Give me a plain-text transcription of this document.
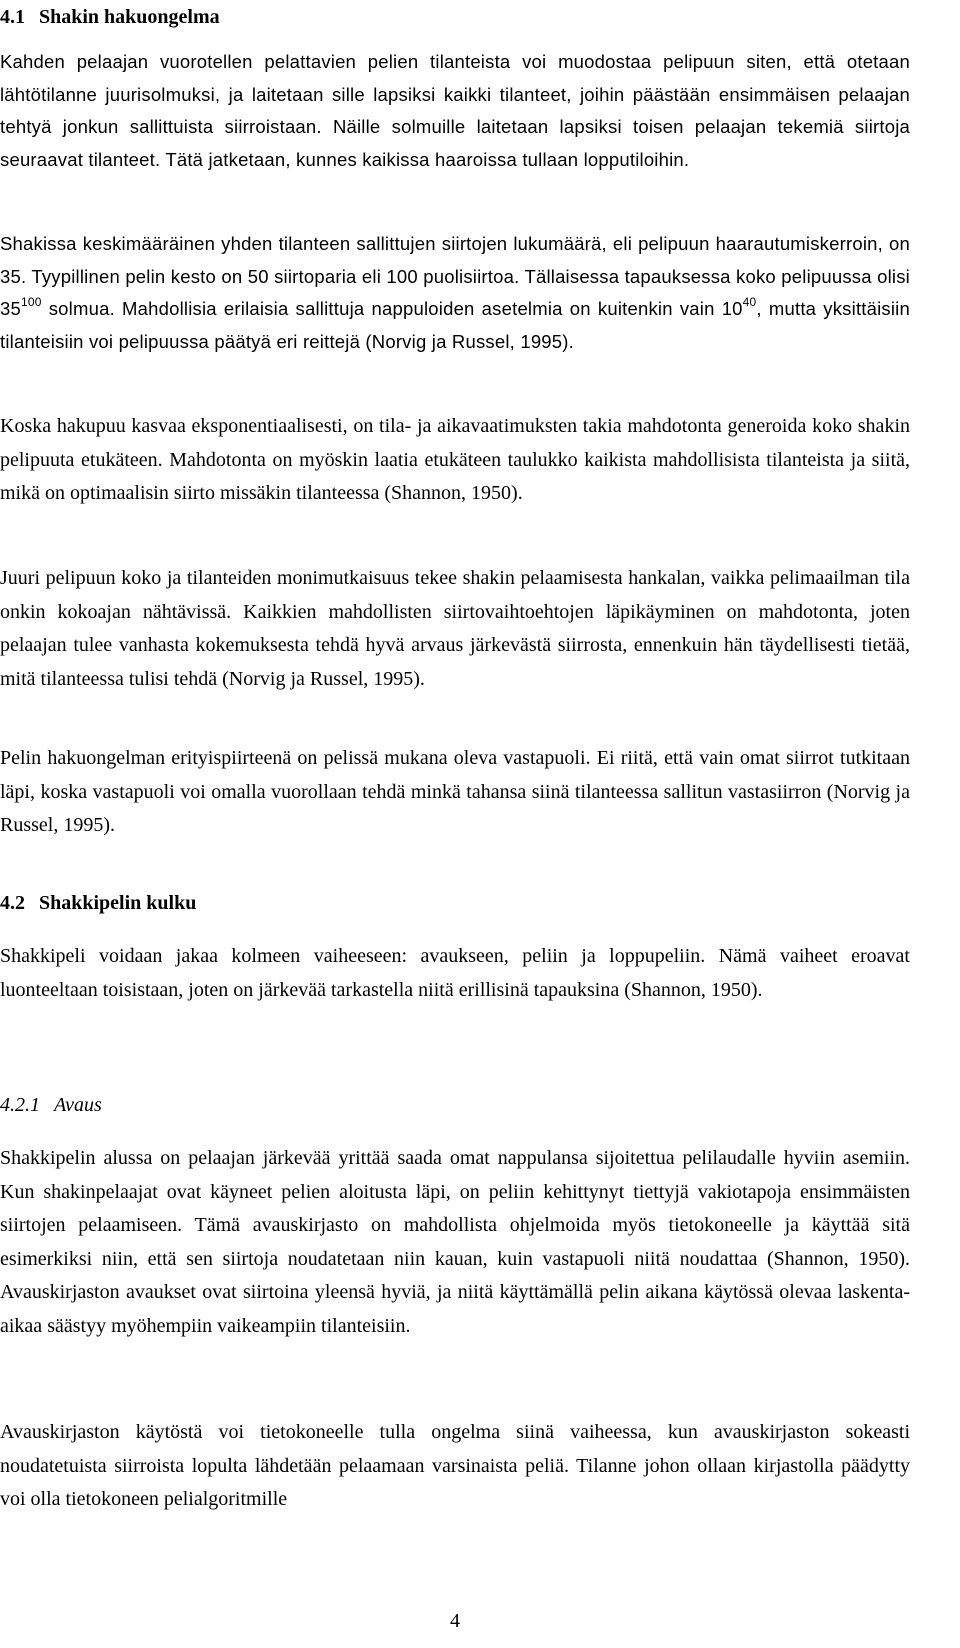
4.1 Shakin hakuongelma

Kahden pelaajan vuorotellen pelattavien pelien tilanteista voi muodostaa pelipuun siten, että otetaan lähtötilanne juurisolmuksi, ja laitetaan sille lapsiksi kaikki tilanteet, joihin päästään ensimmäisen pelaajan tehtyä jonkun sallittuista siirroistaan. Näille solmuille laitetaan lapsiksi toisen pelaajan tekemiä siirtoja seuraavat tilanteet. Tätä jatketaan, kunnes kaikissa haaroissa tullaan lopputiloihin.

Shakissa keskimääräinen yhden tilanteen sallittujen siirtojen lukumäärä, eli pelipuun haarautumiskerroin, on 35. Tyypillinen pelin kesto on 50 siirtoparia eli 100 puolisiirtoa. Tällaisessa tapauksessa koko pelipuussa olisi $35^{100}$ solmua. Mahdollisia erilaisia sallittuja nappuloiden asetelmia on kuitenkin vain $10^{40}$, mutta yksittäisiin tilanteisiin voi pelipuussa päätyä eri reittejä (Norvig ja Russel, 1995).

Koska hakupuu kasvaa eksponentiaalisesti, on tila- ja aikavaatimuksten takia mahdotonta generoida koko shakin pelipuuta etukäteen. Mahdotonta on myöskin laatia etukäteen taulukko kaikista mahdollisista tilanteista ja siitä, mikä on optimaalisin siirto missäkin tilanteessa (Shannon, 1950).

Juuri pelipuun koko ja tilanteiden monimutkaisuus tekee shakin pelaamisesta hankalan, vaikka pelimaailman tila onkin kokoajan nähtävissä. Kaikkien mahdollisten siirtovaihtoehtojen läpikäyminen on mahdotonta, joten pelaajan tulee vanhasta kokemuksesta tehdä hyvä arvaus järkevästä siirrosta, ennenkuin hän täydellisesti tietää, mitä tilanteessa tulisi tehdä (Norvig ja Russel, 1995).

Pelin hakuongelman erityispiirteenä on pelissä mukana oleva vastapuoli. Ei riitä, että vain omat siirrot tutkitaan läpi, koska vastapuoli voi omalla vuorollaan tehdä minkä tahansa siinä tilanteessa sallitun vastasiirron (Norvig ja Russel, 1995).

4.2 Shakkipelin kulku

Shakkipeli voidaan jakaa kolmeen vaiheeseen: avaukseen, peliin ja loppupeliin. Nämä vaiheet eroavat luonteeltaan toisistaan, joten on järkevää tarkastella niitä erillisinä tapauksina (Shannon, 1950).

4.2.1 Avaus

Shakkipelin alussa on pelaajan järkevää yrittää saada omat nappulansa sijoitettua pelilaudalle hyviin asemiin. Kun shakinpelaajat ovat käyneet pelien aloitusta läpi, on peliin kehittynyt tiettyjä vakiotapoja ensimmäisten siirtojen pelaamiseen. Tämä avauskirjasto on mahdollista ohjelmoida myös tietokoneelle ja käyttää sitä esimerkiksi niin, että sen siirtoja noudatetaan niin kauan, kuin vastapuoli niitä noudattaa (Shannon, 1950). Avauskirjaston avaukset ovat siirtoina yleensä hyviä, ja niitä käyttämällä pelin aikana käytössä olevaa laskenta-aikaa säästyy myöhempiin vaikeampiin tilanteisiin.

Avauskirjaston käytöstä voi tietokoneelle tulla ongelma siinä vaiheessa, kun avauskirjaston sokeasti noudatetuista siirroista lopulta lähdetään pelaamaan varsinaista peliä. Tilanne johon ollaan kirjastolla päädytty voi olla tietokoneen pelialgoritmille

4
